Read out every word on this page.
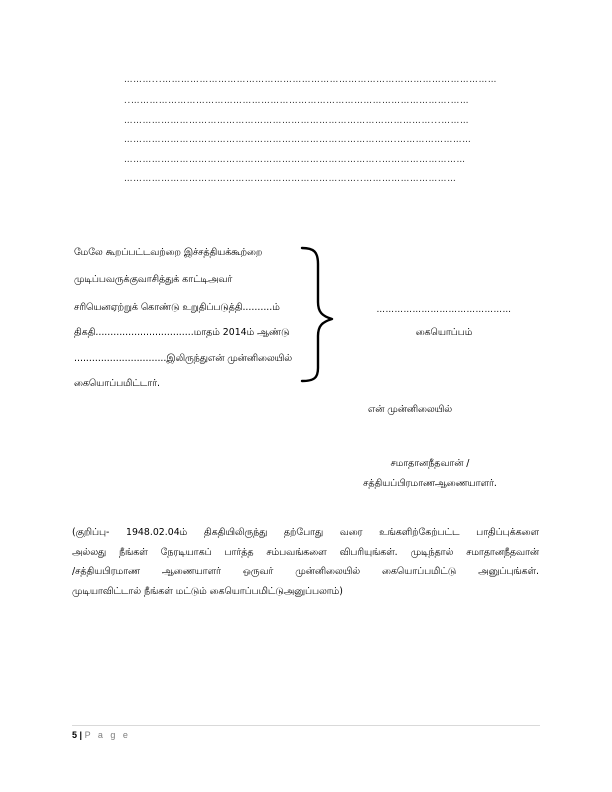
………...………………………………………………………………………………………………
..………………………………………………………………………………………….……
………………………………………………………………………………………...………
…………………………………………………………………………….……………………
………………………………………………………………………..………………………
…………………………………………………………………..…………………………
மேலே கூறப்பட்டவற்றை இச்சத்தியக்கூற்றை
முடிப்பவருக்குவாசித்துக் காட்டிஅவர்
சரியெனஏற்றுக் கொண்டு உறுதிப்படுத்தி..........ம்
திகதி.................................மாதம் 2014ம் ஆண்டு
...............................இலிருந்துஎன் முன்னிலையில்
கையொப்பமிட்டார்.
………………………………………
கையொப்பம்
என் முன்னிலையில்
சமாதானநீதவான் /
சத்தியப்பிரமாணஆணையாளர்.

(குறிப்பு- 1948.02.04ம் திகதியிலிருந்து தற்போது வரை உங்களிற்கேற்பட்ட பாதிப்புக்களை

அல்லது நீங்கள் நேரடியாகப் பார்த்த சம்பவங்களை விபரியுங்கள். முடிந்தால் சமாதானநீதவான்

/சத்தியபிரமாண ஆணையாளர் ஒருவர் முன்னிலையில் கையொப்பமிட்டு அனுப்புங்கள்.

முடியாவிட்டால் நீங்கள் மட்டும் கையொப்பமிட்டுஅனுப்பலாம்)

5 | P a g e
